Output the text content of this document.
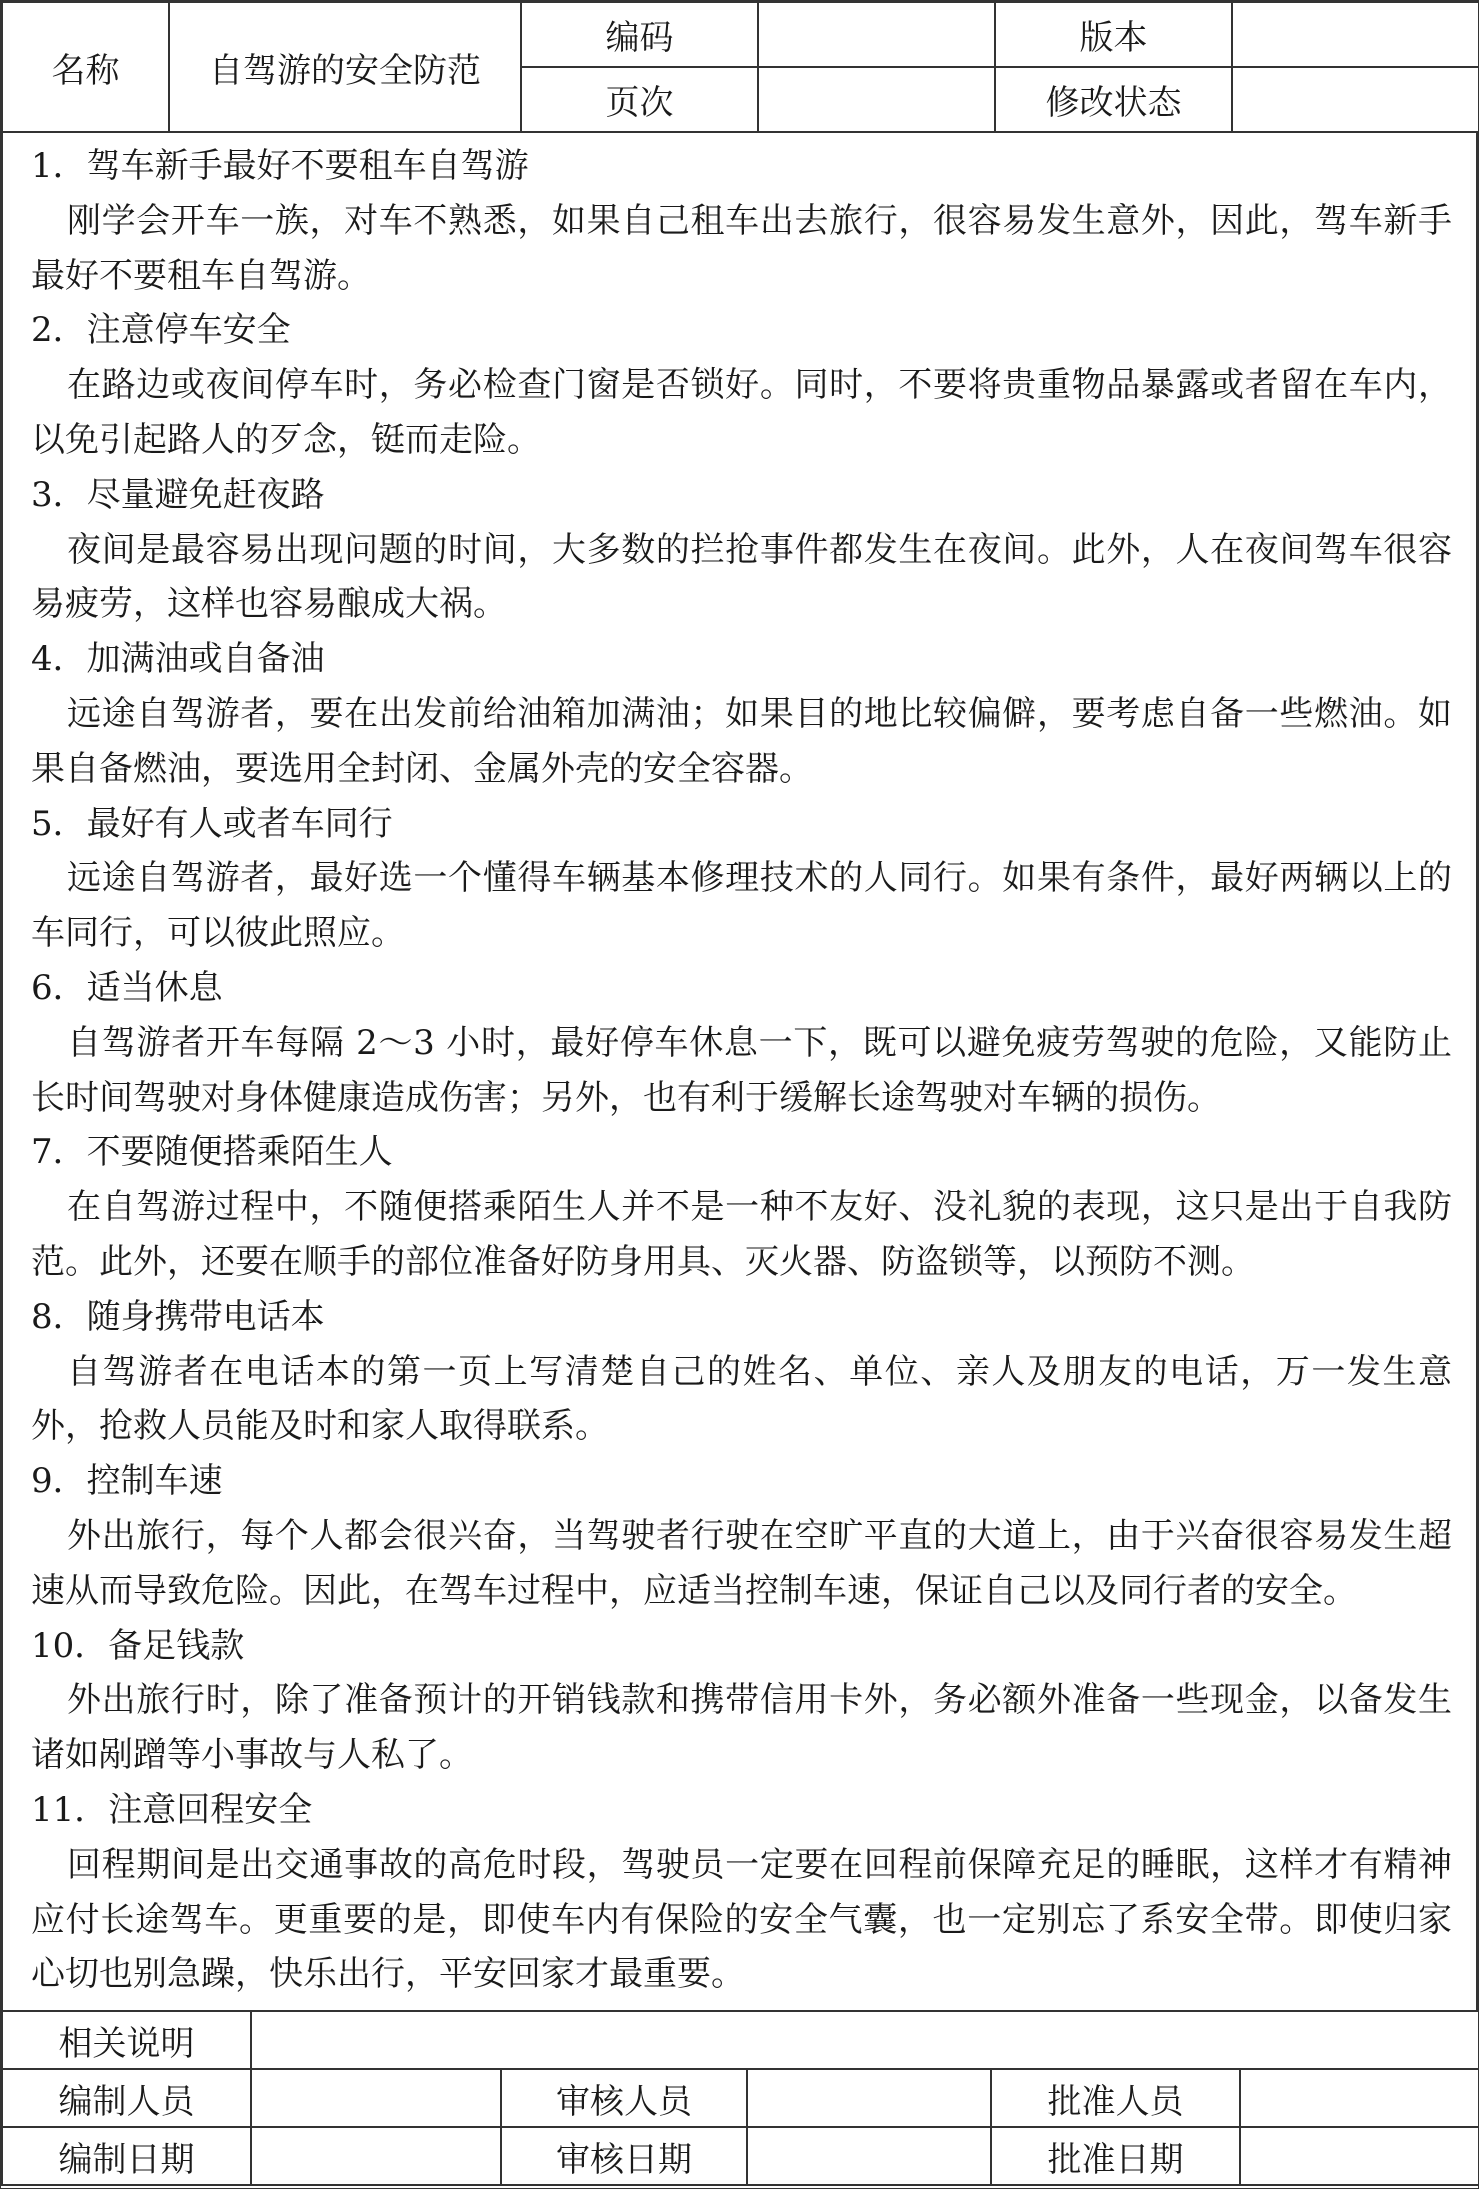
名称	自驾游的安全防范	编码		版本	
		页次		修改状态	

1．驾车新手最好不要租车自驾游

刚学会开车一族，对车不熟悉，如果自己租车出去旅行，很容易发生意外，因此，驾车新手最好不要租车自驾游。

2．注意停车安全

在路边或夜间停车时，务必检查门窗是否锁好。同时，不要将贵重物品暴露或者留在车内，以免引起路人的歹念，铤而走险。

3．尽量避免赶夜路

夜间是最容易出现问题的时间，大多数的拦抢事件都发生在夜间。此外，人在夜间驾车很容易疲劳，这样也容易酿成大祸。

4．加满油或自备油

远途自驾游者，要在出发前给油箱加满油；如果目的地比较偏僻，要考虑自备一些燃油。如果自备燃油，要选用全封闭、金属外壳的安全容器。

5．最好有人或者车同行

远途自驾游者，最好选一个懂得车辆基本修理技术的人同行。如果有条件，最好两辆以上的车同行，可以彼此照应。

6．适当休息

自驾游者开车每隔 2～3 小时，最好停车休息一下，既可以避免疲劳驾驶的危险，又能防止长时间驾驶对身体健康造成伤害；另外，也有利于缓解长途驾驶对车辆的损伤。

7．不要随便搭乘陌生人

在自驾游过程中，不随便搭乘陌生人并不是一种不友好、没礼貌的表现，这只是出于自我防范。此外，还要在顺手的部位准备好防身用具、灭火器、防盗锁等，以预防不测。

8．随身携带电话本

自驾游者在电话本的第一页上写清楚自己的姓名、单位、亲人及朋友的电话，万一发生意外，抢救人员能及时和家人取得联系。

9．控制车速

外出旅行，每个人都会很兴奋，当驾驶者行驶在空旷平直的大道上，由于兴奋很容易发生超速从而导致危险。因此，在驾车过程中，应适当控制车速，保证自己以及同行者的安全。

10．备足钱款

外出旅行时，除了准备预计的开销钱款和携带信用卡外，务必额外准备一些现金，以备发生诸如剐蹭等小事故与人私了。

11．注意回程安全

回程期间是出交通事故的高危时段，驾驶员一定要在回程前保障充足的睡眠，这样才有精神应付长途驾车。更重要的是，即使车内有保险的安全气囊，也一定别忘了系安全带。即使归家心切也别急躁，快乐出行，平安回家才最重要。

相关说明					
编制人员		审核人员		批准人员	
编制日期		审核日期		批准日期	
